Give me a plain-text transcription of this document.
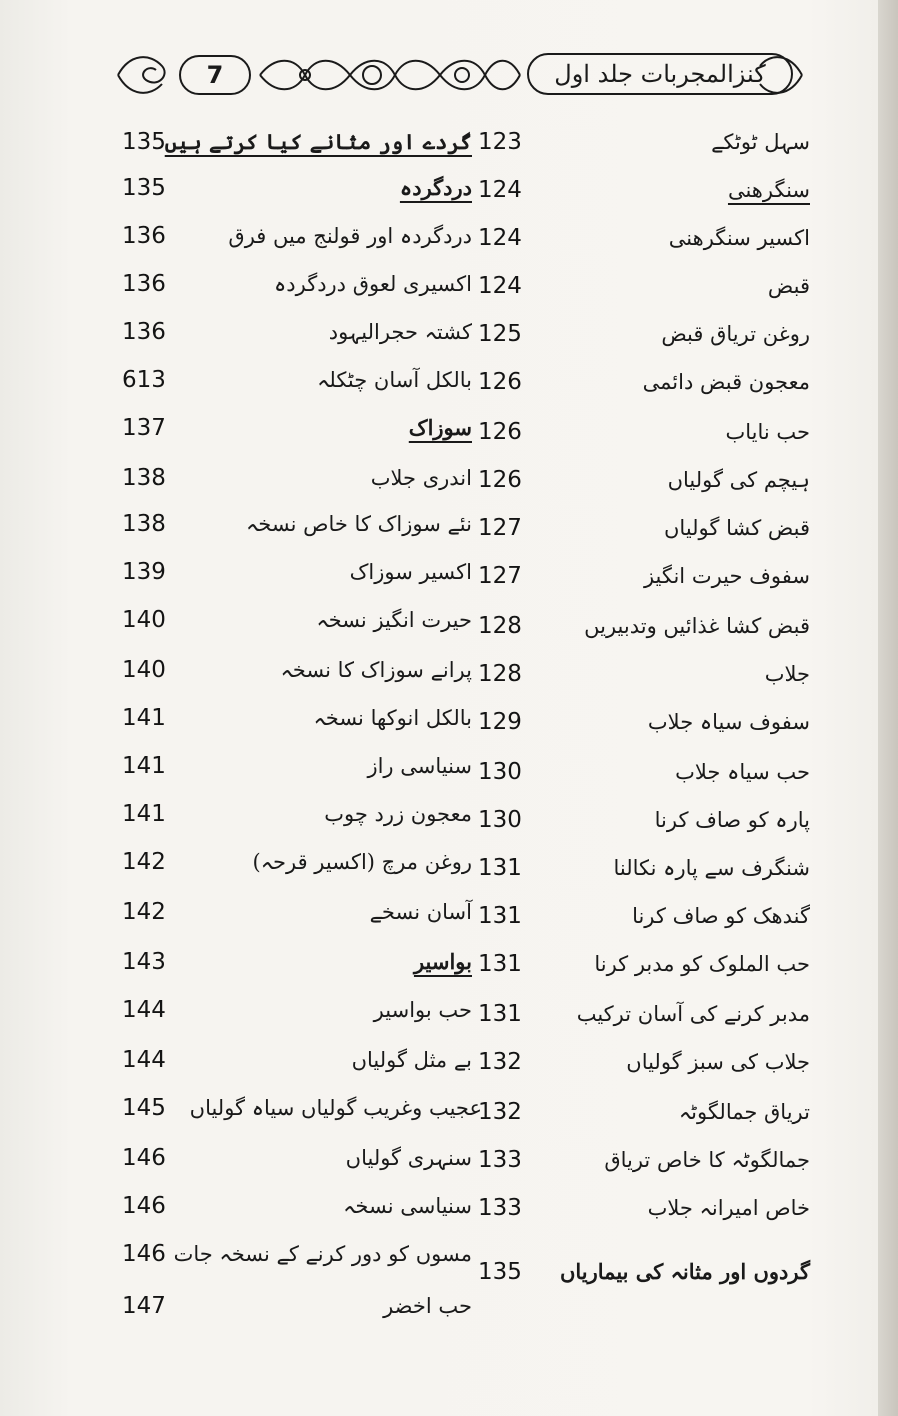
7	کنزالمجربات جلد اول
سہل ٹوٹکے
123
سنگرھنی
124
اکسیر سنگرھنی
124
قبض
124
روغن تریاق قبض
125
معجون قبض دائمی
126
حب نایاب
126
ہیچم کی گولیاں
126
قبض کشا گولیاں
127
سفوف حیرت انگیز
127
قبض کشا غذائیں وتدبیریں
128
جلاب
128
سفوف سیاہ جلاب
129
حب سیاہ جلاب
130
پارہ کو صاف کرنا
130
شنگرف سے پارہ نکالنا
131
گندھک کو صاف کرنا
131
حب الملوک کو مدبر کرنا
131
مدبر کرنے کی آسان ترکیب
131
جلاب کی سبز گولیاں
132
تریاق جمالگوٹہ
132
جمالگوٹہ کا خاص تریاق
133
خاص امیرانہ جلاب
133
گردوں اور مثانہ کی بیماریاں
135
گردے اور مثانے کیا کرتے ہیں
135
دردگردہ
135
دردگردہ اور قولنج میں فرق
136
اکسیری لعوق دردگردہ
136
کشتہ حجرالیہود
136
بالکل آسان چٹکلہ
613
سوزاک
137
اندری جلاب
138
نئے سوزاک کا خاص نسخہ
138
اکسیر سوزاک
139
حیرت انگیز نسخہ
140
پرانے سوزاک کا نسخہ
140
بالکل انوکھا نسخہ
141
سنیاسی راز
141
معجون زرد چوب
141
روغن مرچ (اکسیر قرحہ)
142
آسان نسخے
142
بواسیر
143
حب بواسیر
144
بے مثل گولیاں
144
عجیب وغریب گولیاں سیاہ گولیاں
145
سنہری گولیاں
146
سنیاسی نسخہ
146
مسوں کو دور کرنے کے نسخہ جات
146
حب اخضر
147
